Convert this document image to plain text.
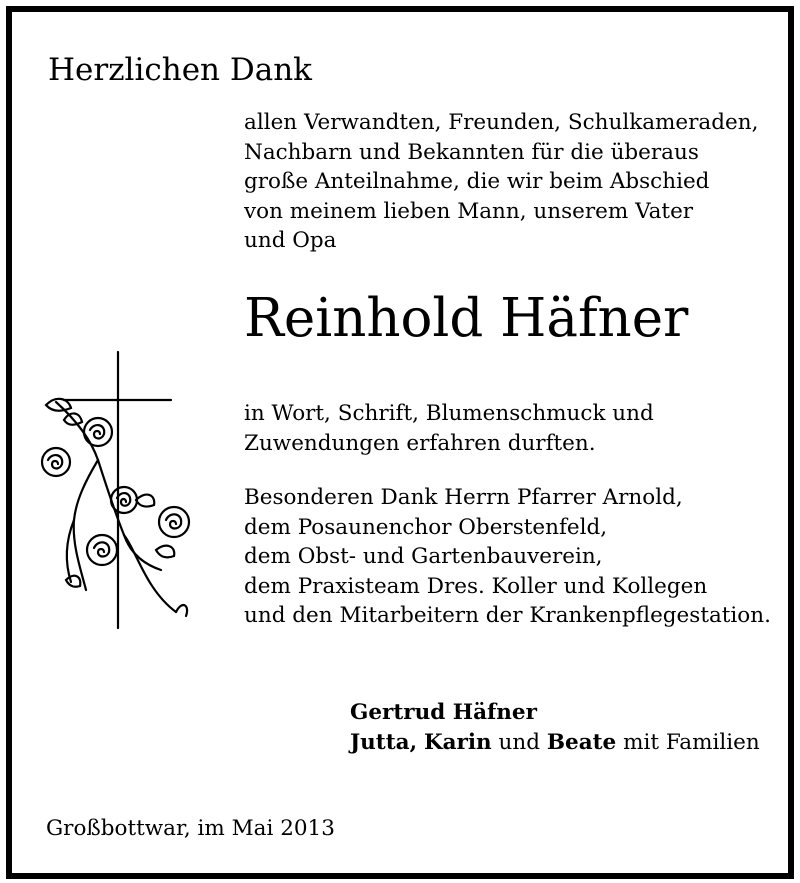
Herzlichen Dank
allen Verwandten, Freunden, Schulkameraden,
Nachbarn und Bekannten für die überaus
große Anteilnahme, die wir beim Abschied
von meinem lieben Mann, unserem Vater
und Opa
Reinhold Häfner
in Wort, Schrift, Blumenschmuck und
Zuwendungen erfahren durften.
Besonderen Dank Herrn Pfarrer Arnold,
dem Posaunenchor Oberstenfeld,
dem Obst- und Gartenbauverein,
dem Praxisteam Dres. Koller und Kollegen
und den Mitarbeitern der Krankenpflegestation.
Gertrud Häfner
Jutta, Karin und Beate mit Familien
Großbottwar, im Mai 2013
